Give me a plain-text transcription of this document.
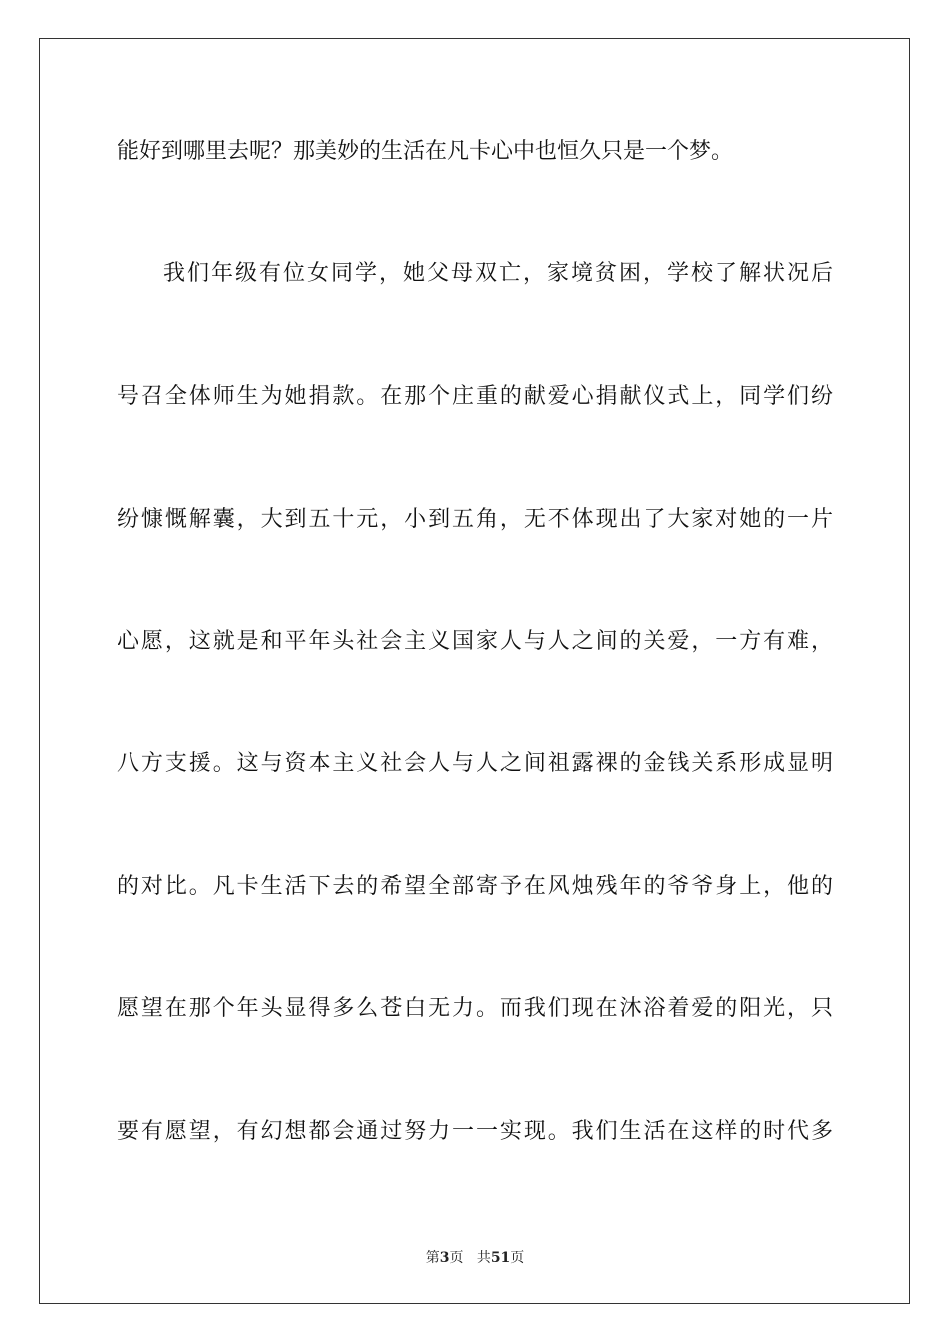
能好到哪里去呢？那美妙的生活在凡卡心中也恒久只是一个梦。
我们年级有位女同学，她父母双亡，家境贫困，学校了解状况后
号召全体师生为她捐款。在那个庄重的献爱心捐献仪式上，同学们纷
纷慷慨解囊，大到五十元，小到五角，无不体现出了大家对她的一片
心愿，这就是和平年头社会主义国家人与人之间的关爱，一方有难，
八方支援。这与资本主义社会人与人之间祖露裸的金钱关系形成显明
的对比。凡卡生活下去的希望全部寄予在风烛残年的爷爷身上，他的
愿望在那个年头显得多么苍白无力。而我们现在沐浴着爱的阳光，只
要有愿望，有幻想都会通过努力一一实现。我们生活在这样的时代多
第3页 共51页
